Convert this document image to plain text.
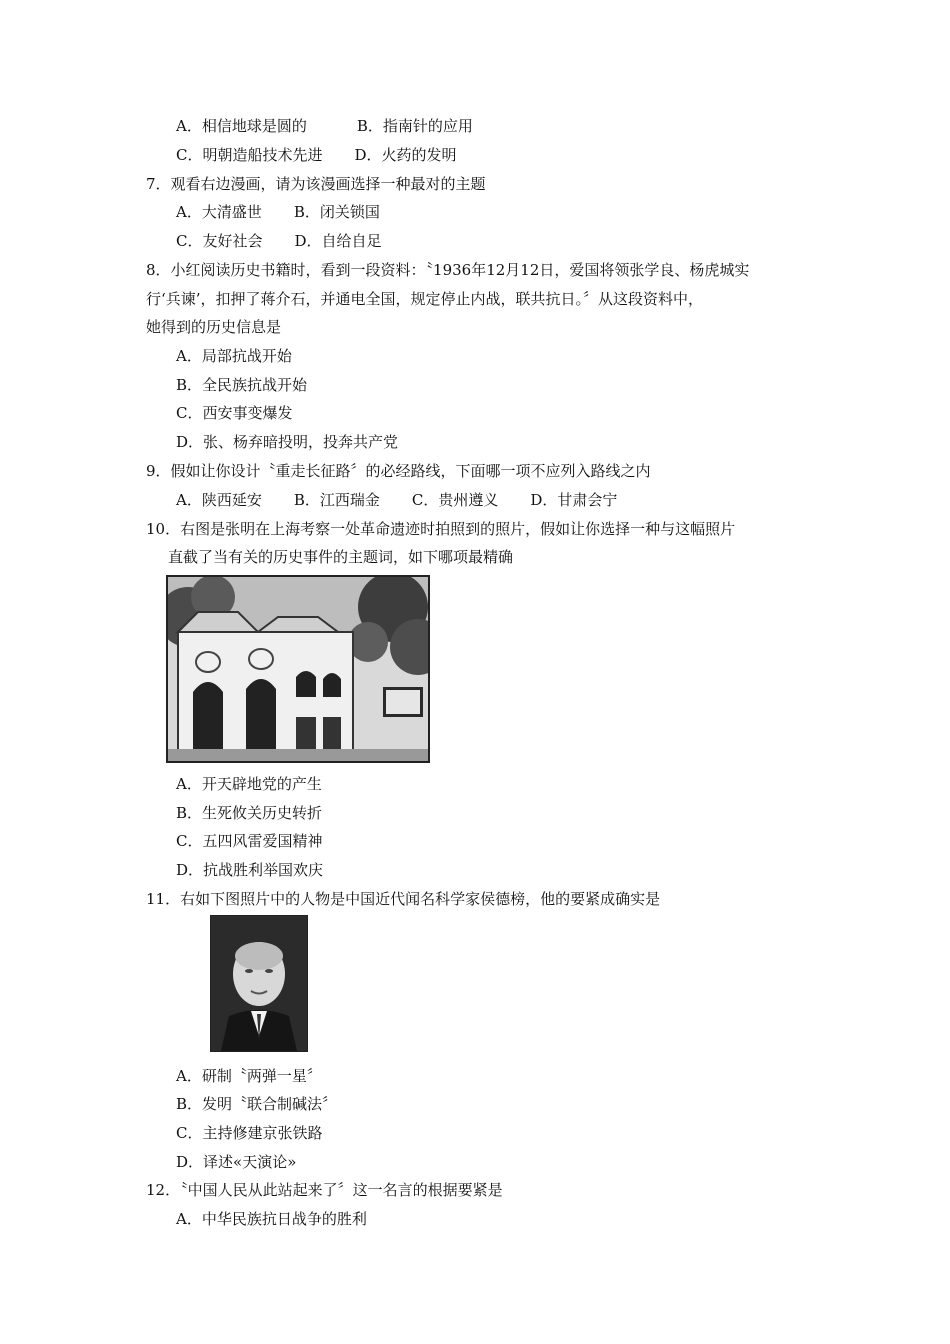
A．相信地球是圆的	B．指南针的应用
C．明朝造船技术先进 D．火药的发明
7．观看右边漫画，请为该漫画选择一种最对的主题
A．大清盛世 B．闭关锁国
C．友好社会 D．自给自足
8．小红阅读历史书籍时，看到一段资料：〝1936年12月12日，爱国将领张学良、杨虎城实
行‘兵谏’，扣押了蒋介石，并通电全国，规定停止内战，联共抗日。〞从这段资料中，
她得到的历史信息是
A．局部抗战开始
B．全民族抗战开始
C．西安事变爆发
D．张、杨弃暗投明，投奔共产党
9．假如让你设计〝重走长征路〞的必经路线，下面哪一项不应列入路线之内
A．陕西延安 B．江西瑞金 C．贵州遵义 D．甘肃会宁
10．右图是张明在上海考察一处革命遗迹时拍照到的照片，假如让你选择一种与这幅照片
直截了当有关的历史事件的主题词，如下哪项最精确
A．开天辟地党的产生
B．生死攸关历史转折
C．五四风雷爱国精神
D．抗战胜利举国欢庆
11．右如下图照片中的人物是中国近代闻名科学家侯德榜，他的要紧成确实是
A．研制〝两弹一星〞
B．发明〝联合制碱法〞
C．主持修建京张铁路
D．译述«天演论»
12．〝中国人民从此站起来了〞这一名言的根据要紧是
A．中华民族抗日战争的胜利
